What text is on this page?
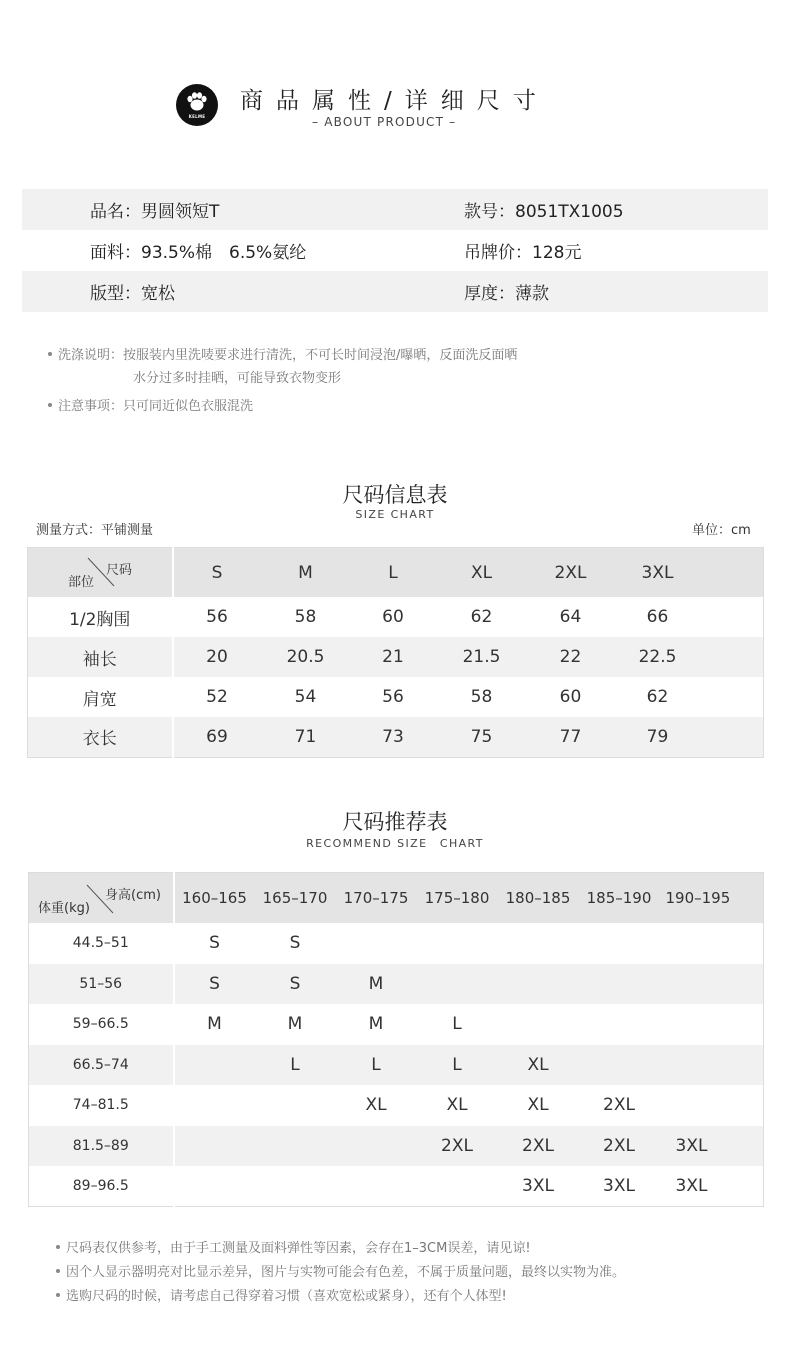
KELME
商品属性/详细尺寸
– ABOUT PRODUCT –
品名：男圆领短T	款号：8051TX1005
面料：93.5%棉　6.5%氨纶	吊牌价：128元
版型：宽松	厚度：薄款
洗涤说明：按服装内里洗唛要求进行清洗，不可长时间浸泡/曝晒，反面洗反面晒
水分过多时挂晒，可能导致衣物变形
注意事项：只可同近似色衣服混洗
尺码信息表
SIZE CHART
测量方式：平铺测量	单位：cm
尺码
部位	S	M	L	XL	2XL	3XL	
1/2胸围	56	58	60	62	64	66	
袖长	20	20.5	21	21.5	22	22.5	
肩宽	52	54	56	58	60	62	
衣长	69	71	73	75	77	79	
尺码推荐表
RECOMMEND SIZE　CHART
身高(cm)
体重(kg)	160–165	165–170	170–175	175–180	180–185	185–190	190–195
44.5–51	S	S					
51–56	S	S	M				
59–66.5	M	M	M	L			
66.5–74		L	L	L	XL		
74–81.5			XL	XL	XL	2XL	
81.5–89				2XL	2XL	2XL	3XL
89–96.5					3XL	3XL	3XL
尺码表仅供参考，由于手工测量及面料弹性等因素，会存在1–3CM误差，请见谅!
因个人显示器明亮对比显示差异，图片与实物可能会有色差，不属于质量问题，最终以实物为准。
选购尺码的时候，请考虑自己得穿着习惯（喜欢宽松或紧身），还有个人体型!
